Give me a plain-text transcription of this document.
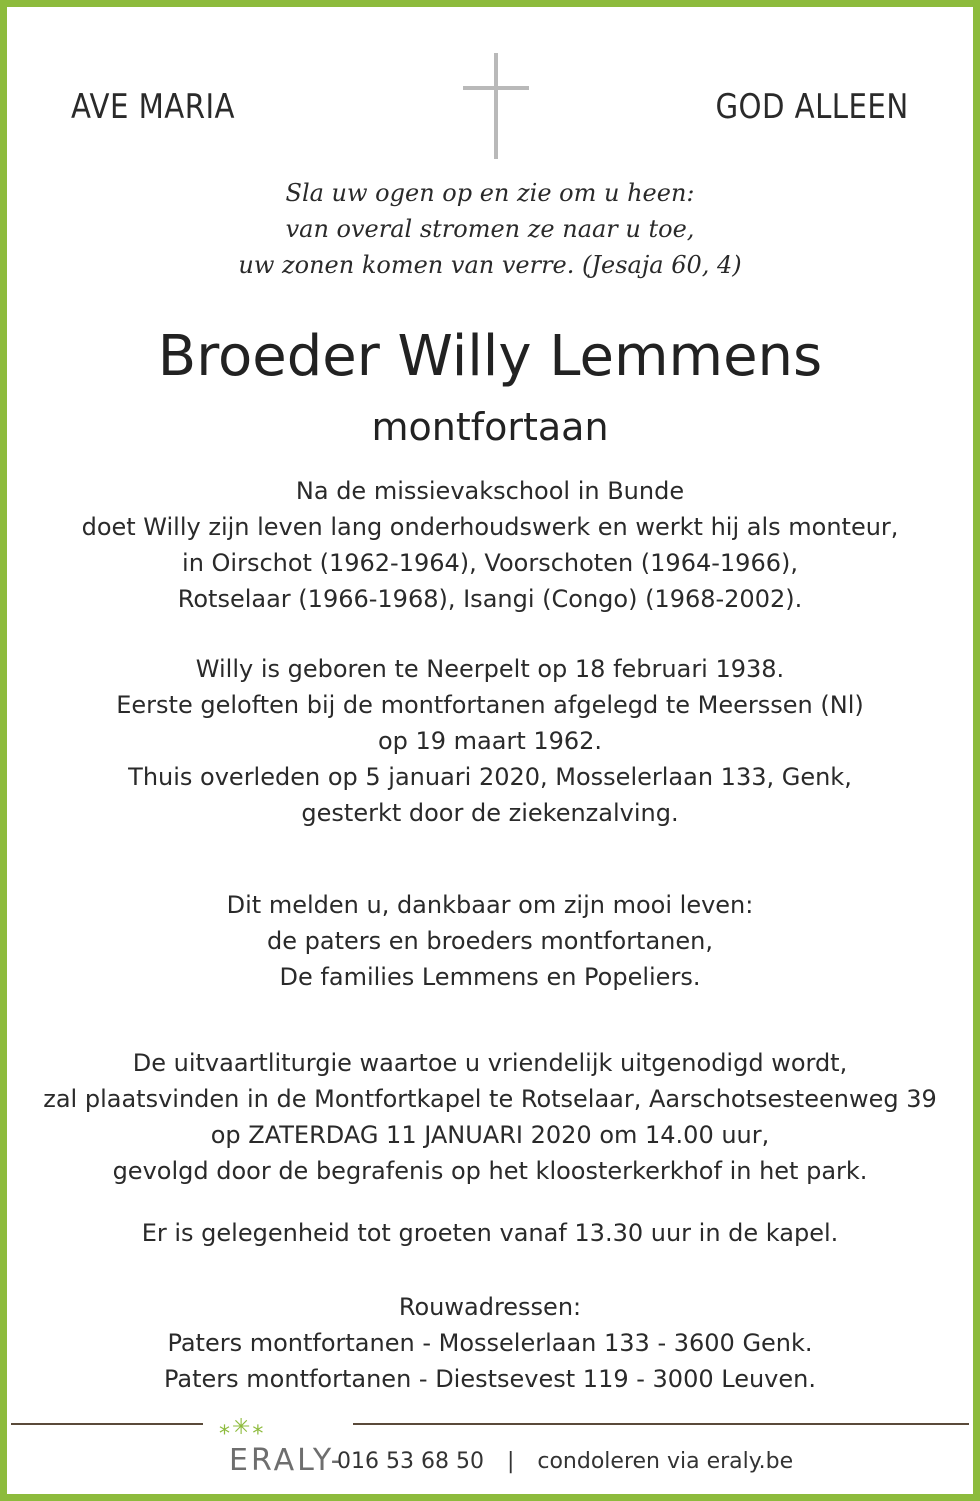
AVE MARIA	GOD ALLEEN
Sla uw ogen op en zie om u heen:
van overal stromen ze naar u toe,
uw zonen komen van verre. (Jesaja 60, 4)
Broeder Willy Lemmens
montfortaan
Na de missievakschool in Bunde
doet Willy zijn leven lang onderhoudswerk en werkt hij als monteur,
in Oirschot (1962-1964), Voorschoten (1964-1966),
Rotselaar (1966-1968), Isangi (Congo) (1968-2002).
Willy is geboren te Neerpelt op 18 februari 1938.
Eerste geloften bij de montfortanen afgelegd te Meerssen (Nl)
op 19 maart 1962.
Thuis overleden op 5 januari 2020, Mosselerlaan 133, Genk,
gesterkt door de ziekenzalving.
Dit melden u, dankbaar om zijn mooi leven:
de paters en broeders montfortanen,
De families Lemmens en Popeliers.
De uitvaartliturgie waartoe u vriendelijk uitgenodigd wordt,
zal plaatsvinden in de Montfortkapel te Rotselaar, Aarschotsesteenweg 39
op ZATERDAG 11 JANUARI 2020 om 14.00 uur,
gevolgd door de begrafenis op het kloosterkerkhof in het park.
Er is gelegenheid tot groeten vanaf 13.30 uur in de kapel.
Rouwadressen:
Paters montfortanen - Mosselerlaan 133 - 3600 Genk.
Paters montfortanen - Diestsevest 119 - 3000 Leuven.
⁎✳⁎
ERALY-
016 53 68 50 | condoleren via eraly.be
